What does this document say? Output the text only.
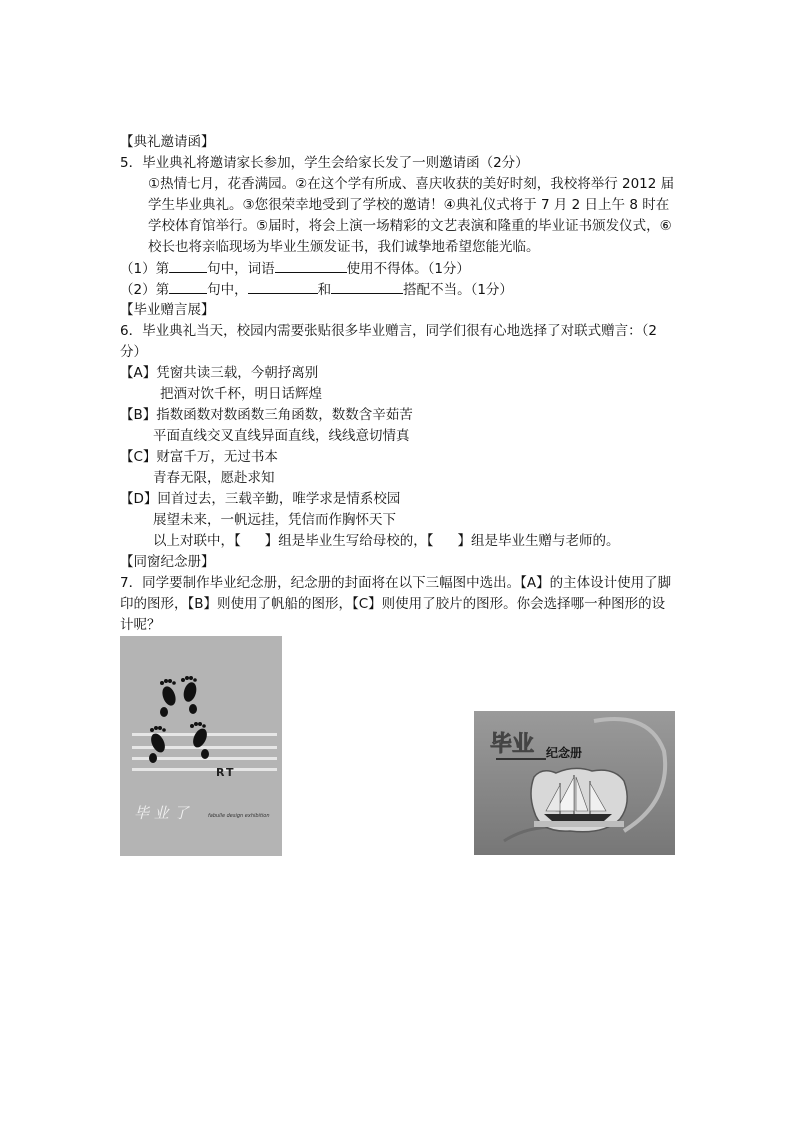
【典礼邀请函】
5．毕业典礼将邀请家长参加，学生会给家长发了一则邀请函（2分）
①热情七月，花香满园。②在这个学有所成、喜庆收获的美好时刻，我校将举行 2012 届学生毕业典礼。③您很荣幸地受到了学校的邀请！④典礼仪式将于 7 月 2 日上午 8 时在学校体育馆举行。⑤届时，将会上演一场精彩的文艺表演和隆重的毕业证书颁发仪式，⑥校长也将亲临现场为毕业生颁发证书，我们诚挚地希望您能光临。
（1）第	句中，词语	使用不得体。（1分）
（2）第	句中，	和	搭配不当。（1分）
【毕业赠言展】
6．毕业典礼当天，校园内需要张贴很多毕业赠言，同学们很有心地选择了对联式赠言：（2分）
【A】凭窗共读三载，今朝抒离别
把酒对饮千杯，明日话辉煌
【B】指数函数对数函数三角函数，数数含辛茹苦
平面直线交叉直线异面直线，线线意切情真
【C】财富千万，无过书本
青春无限，愿赴求知
【D】回首过去，三载辛勤，唯学求是情系校园
展望未来，一帆远挂，凭信而作胸怀天下
以上对联中，【 】组是毕业生写给母校的，【 】组是毕业生赠与老师的。
【同窗纪念册】
7．同学要制作毕业纪念册，纪念册的封面将在以下三幅图中选出。【A】的主体设计使用了脚印的图形，【B】则使用了帆船的图形，【C】则使用了胶片的图形。你会选择哪一种图形的设计呢？
RT
毕 业 了	fabulle design exhibition
毕业 纪念册
